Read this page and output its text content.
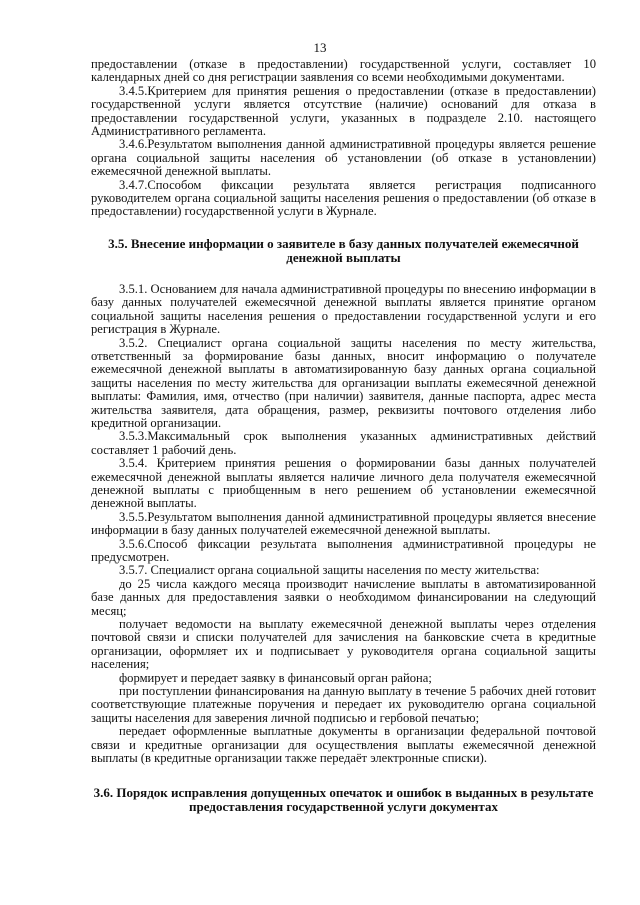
13

предоставлении (отказе в предоставлении) государственной услуги, составляет 10 календарных дней со дня регистрации заявления со всеми необходимыми документами.

3.4.5.Критерием для принятия решения о предоставлении (отказе в предоставлении) государственной услуги является отсутствие (наличие) оснований для отказа в предоставлении государственной услуги, указанных в подразделе 2.10. настоящего Административного регламента.

3.4.6.Результатом выполнения данной административной процедуры является решение органа социальной защиты населения об установлении (об отказе в установлении) ежемесячной денежной выплаты.

3.4.7.Способом фиксации результата является регистрация подписанного руководителем органа социальной защиты населения решения о предоставлении (об отказе в предоставлении) государственной услуги в Журнале.

3.5. Внесение информации о заявителе в базу данных получателей ежемесячной денежной выплаты

3.5.1. Основанием для начала административной процедуры по внесению информации в базу данных получателей ежемесячной денежной выплаты является принятие органом социальной защиты населения решения о предоставлении государственной услуги и его регистрация в Журнале.

3.5.2. Специалист органа социальной защиты населения по месту жительства, ответственный за формирование базы данных, вносит информацию о получателе ежемесячной денежной выплаты в автоматизированную базу данных органа социальной защиты населения по месту жительства для организации выплаты ежемесячной денежной выплаты: Фамилия, имя, отчество (при наличии) заявителя, данные паспорта, адрес места жительства заявителя, дата обращения, размер, реквизиты почтового отделения либо кредитной организации.

3.5.3.Максимальный срок выполнения указанных административных действий составляет 1 рабочий день.

3.5.4. Критерием принятия решения о формировании базы данных получателей ежемесячной денежной выплаты является наличие личного дела получателя ежемесячной денежной выплаты с приобщенным в него решением об установлении ежемесячной денежной выплаты.

3.5.5.Результатом выполнения данной административной процедуры является внесение информации в базу данных получателей ежемесячной денежной выплаты.

3.5.6.Способ фиксации результата выполнения административной процедуры не предусмотрен.

3.5.7. Специалист органа социальной защиты населения по месту жительства:

до 25 числа каждого месяца производит начисление выплаты в автоматизированной базе данных для предоставления заявки о необходимом финансировании на следующий месяц;

получает ведомости на выплату ежемесячной денежной выплаты через отделения почтовой связи и списки получателей для зачисления на банковские счета в кредитные организации, оформляет их и подписывает у руководителя органа социальной защиты населения;

формирует и передает заявку в финансовый орган района;

при поступлении финансирования на данную выплату в течение 5 рабочих дней готовит соответствующие платежные поручения и передает их руководителю органа социальной защиты населения для заверения личной подписью и гербовой печатью;

передает оформленные выплатные документы в организации федеральной почтовой связи и кредитные организации для осуществления выплаты ежемесячной денежной выплаты (в кредитные организации также передаёт электронные списки).

3.6. Порядок исправления допущенных опечаток и ошибок в выданных в результате предоставления государственной услуги документах
